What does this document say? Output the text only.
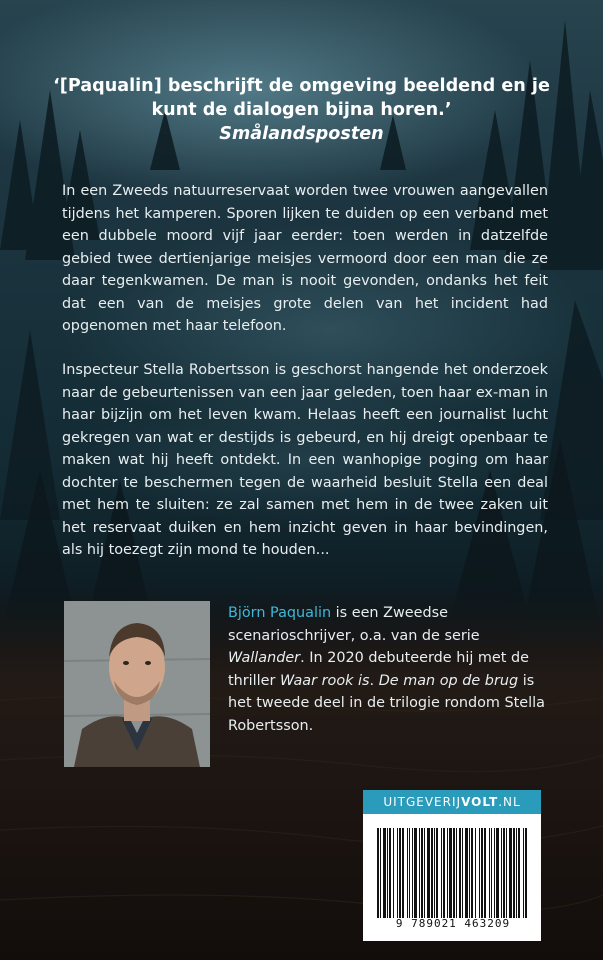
‘[Paqualin] beschrijft de omgeving beeldend en je kunt de dialogen bijna horen.’
Smålandsposten

In een Zweeds natuurreservaat worden twee vrouwen aangevallen tijdens het kamperen. Sporen lijken te duiden op een verband met een dubbele moord vijf jaar eerder: toen werden in datzelfde gebied twee dertienjarige meisjes vermoord door een man die ze daar tegenkwamen. De man is nooit gevonden, ondanks het feit dat een van de meisjes grote delen van het incident had opgenomen met haar telefoon.

Inspecteur Stella Robertsson is geschorst hangende het onderzoek naar de gebeurtenissen van een jaar geleden, toen haar ex-man in haar bijzijn om het leven kwam. Helaas heeft een journalist lucht gekregen van wat er destijds is gebeurd, en hij dreigt openbaar te maken wat hij heeft ontdekt. In een wanhopige poging om haar dochter te beschermen tegen de waarheid besluit Stella een deal met hem te sluiten: ze zal samen met hem in de twee zaken uit het reservaat duiken en hem inzicht geven in haar bevindingen, als hij toezegt zijn mond te houden...

Björn Paqualin is een Zweedse scenarioschrijver, o.a. van de serie Wallander. In 2020 debuteerde hij met de thriller Waar rook is. De man op de brug is het tweede deel in de trilogie rondom Stella Robertsson.

UITGEVERIJVOLT.NL
9 789021 463209
